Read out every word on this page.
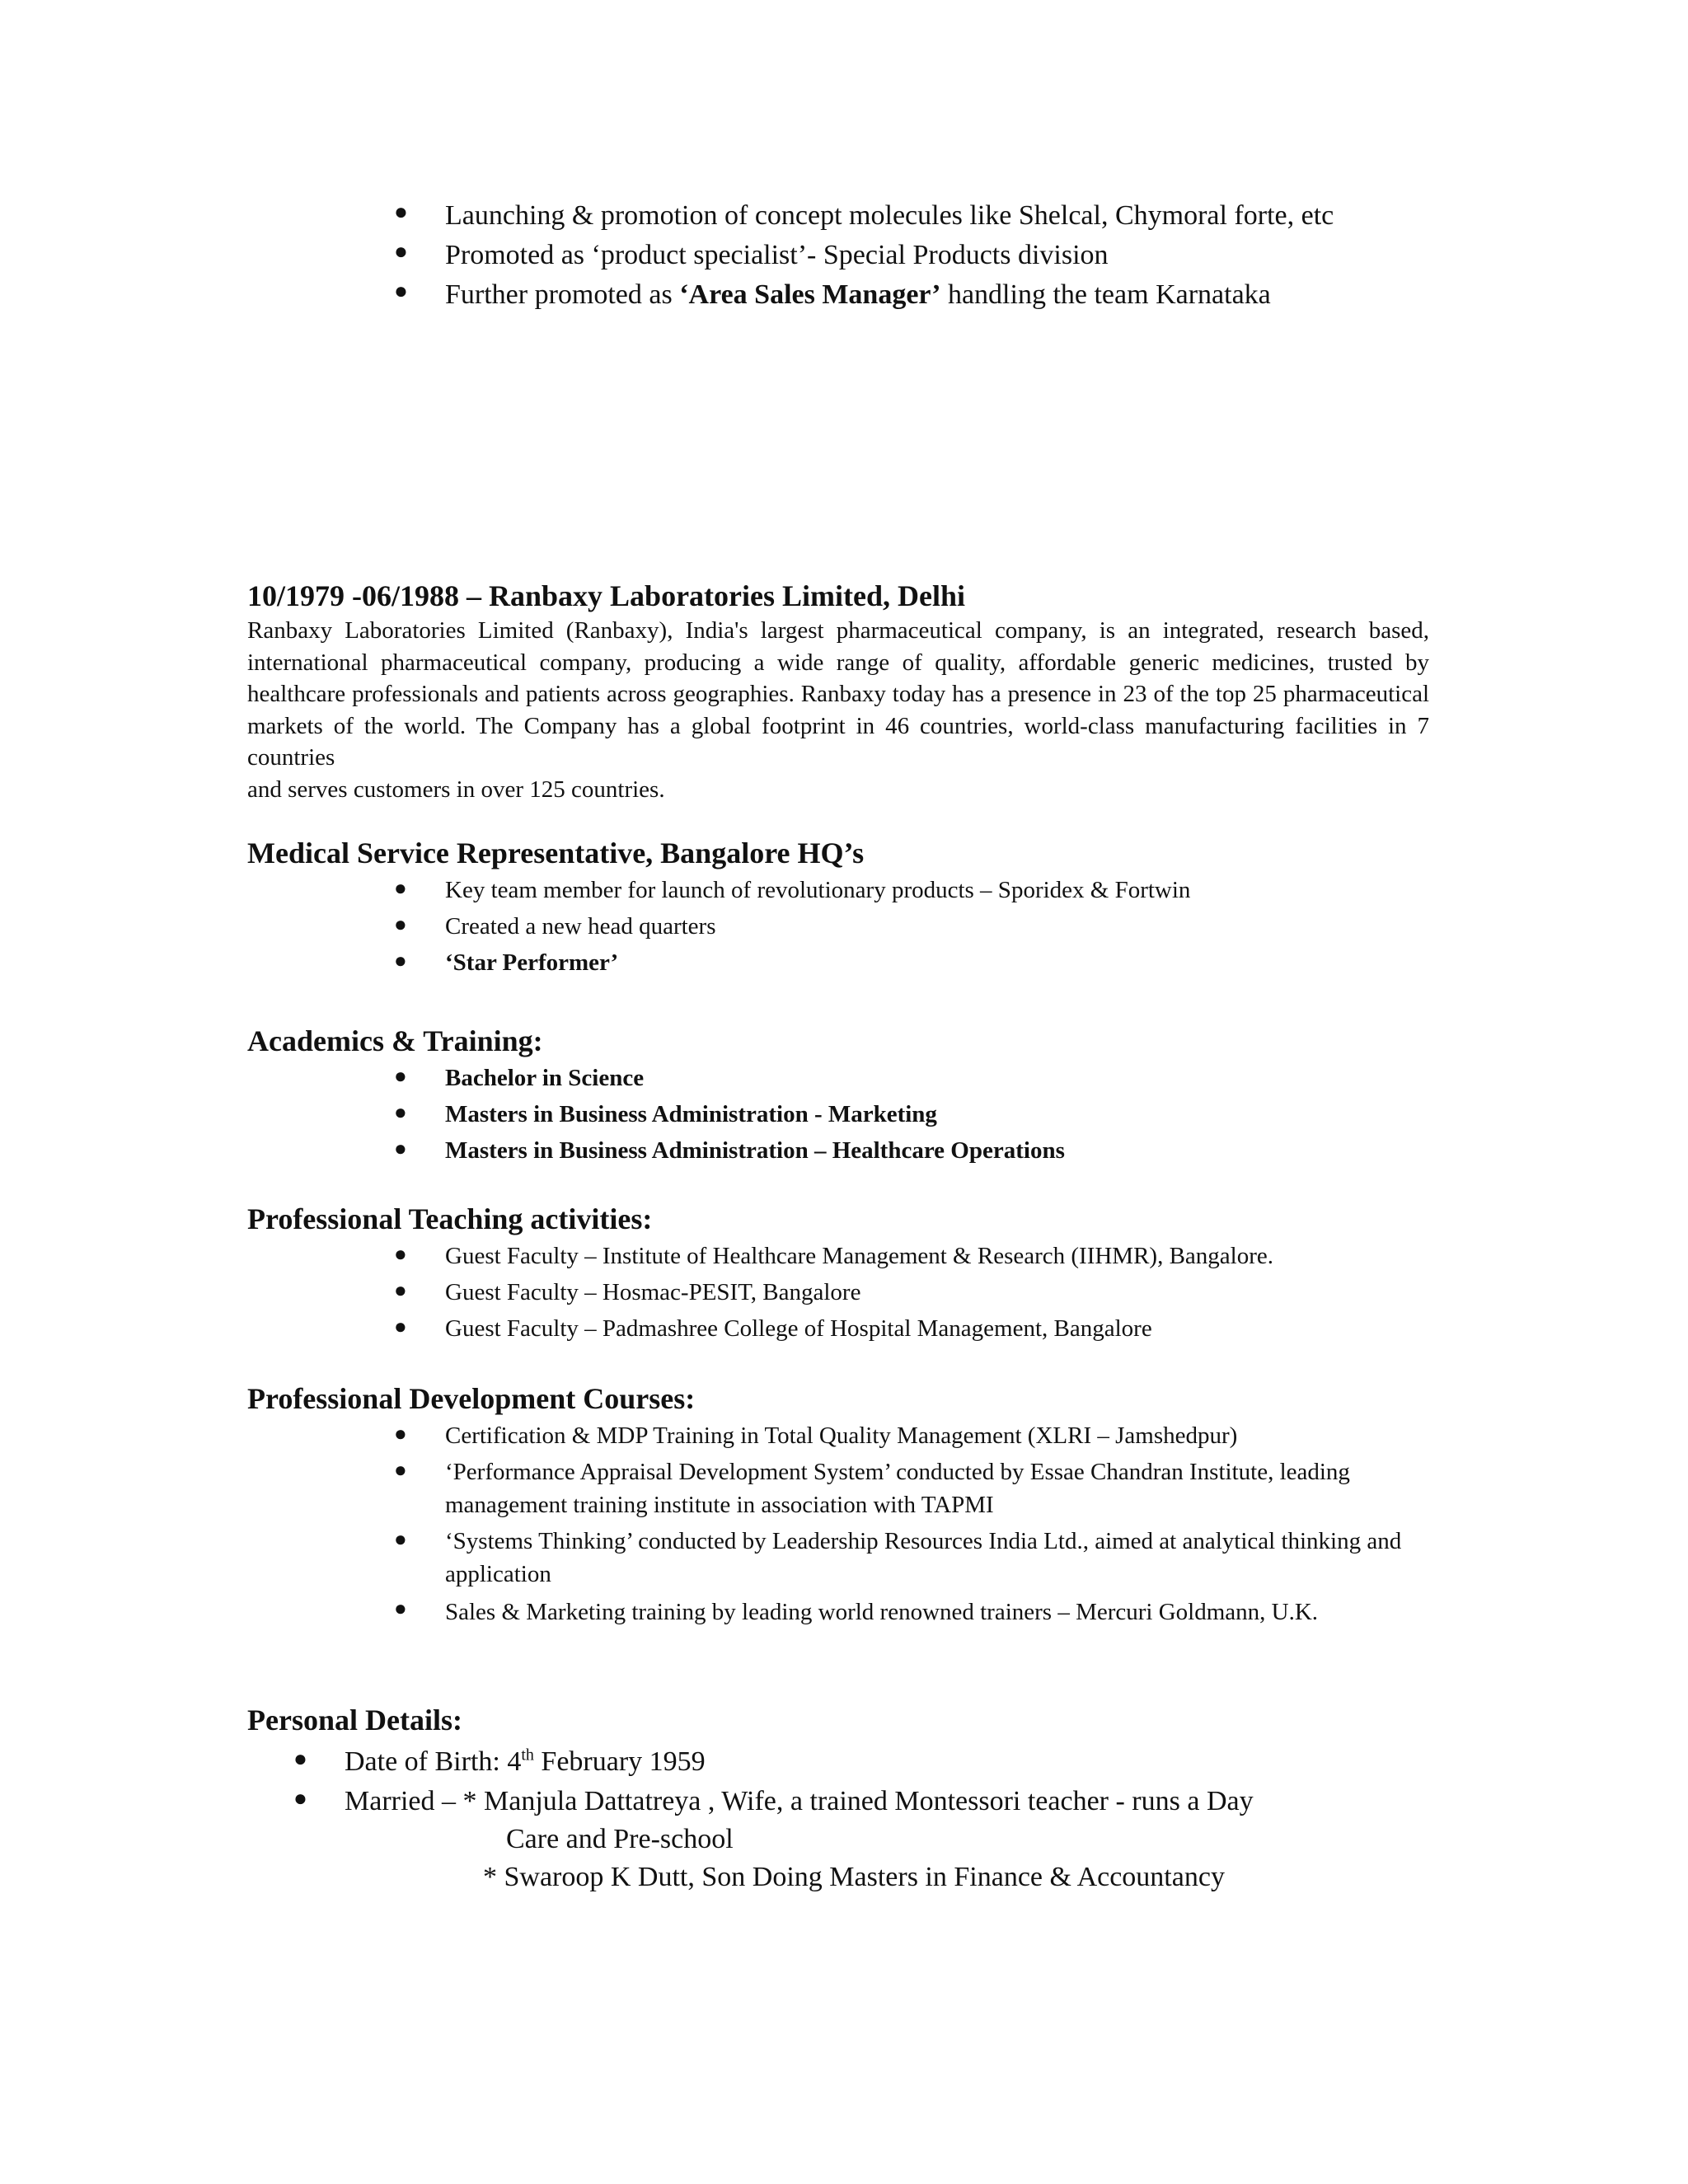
● Launching & promotion of concept molecules like Shelcal, Chymoral forte, etc
● Promoted as ‘product specialist’- Special Products division
● Further promoted as ‘Area Sales Manager’ handling the team Karnataka
10/1979 -06/1988 – Ranbaxy Laboratories Limited, Delhi

Ranbaxy Laboratories Limited (Ranbaxy), India's largest pharmaceutical company, is an integrated, research based, international pharmaceutical company, producing a wide range of quality, affordable generic medicines, trusted by healthcare professionals and patients across geographies. Ranbaxy today has a presence in 23 of the top 25 pharmaceutical markets of the world. The Company has a global footprint in 46 countries, world-class manufacturing facilities in 7 countries

and serves customers in over 125 countries.

Medical Service Representative, Bangalore HQ’s
● Key team member for launch of revolutionary products – Sporidex & Fortwin
● Created a new head quarters
● ‘Star Performer’
Academics & Training:
● Bachelor in Science
● Masters in Business Administration - Marketing
● Masters in Business Administration – Healthcare Operations
Professional Teaching activities:
● Guest Faculty – Institute of Healthcare Management & Research (IIHMR), Bangalore.
● Guest Faculty – Hosmac-PESIT, Bangalore
● Guest Faculty – Padmashree College of Hospital Management, Bangalore
Professional Development Courses:
● Certification & MDP Training in Total Quality Management (XLRI – Jamshedpur)
● ‘Performance Appraisal Development System’ conducted by Essae Chandran Institute, leading management training institute in association with TAPMI
● ‘Systems Thinking’ conducted by Leadership Resources India Ltd., aimed at analytical thinking and application
● Sales & Marketing training by leading world renowned trainers – Mercuri Goldmann, U.K.
Personal Details:
● Date of Birth: 4th February 1959
● Married – * Manjula Dattatreya , Wife, a trained Montessori teacher - runs a Day
Care and Pre-school
* Swaroop K Dutt, Son Doing Masters in Finance & Accountancy
